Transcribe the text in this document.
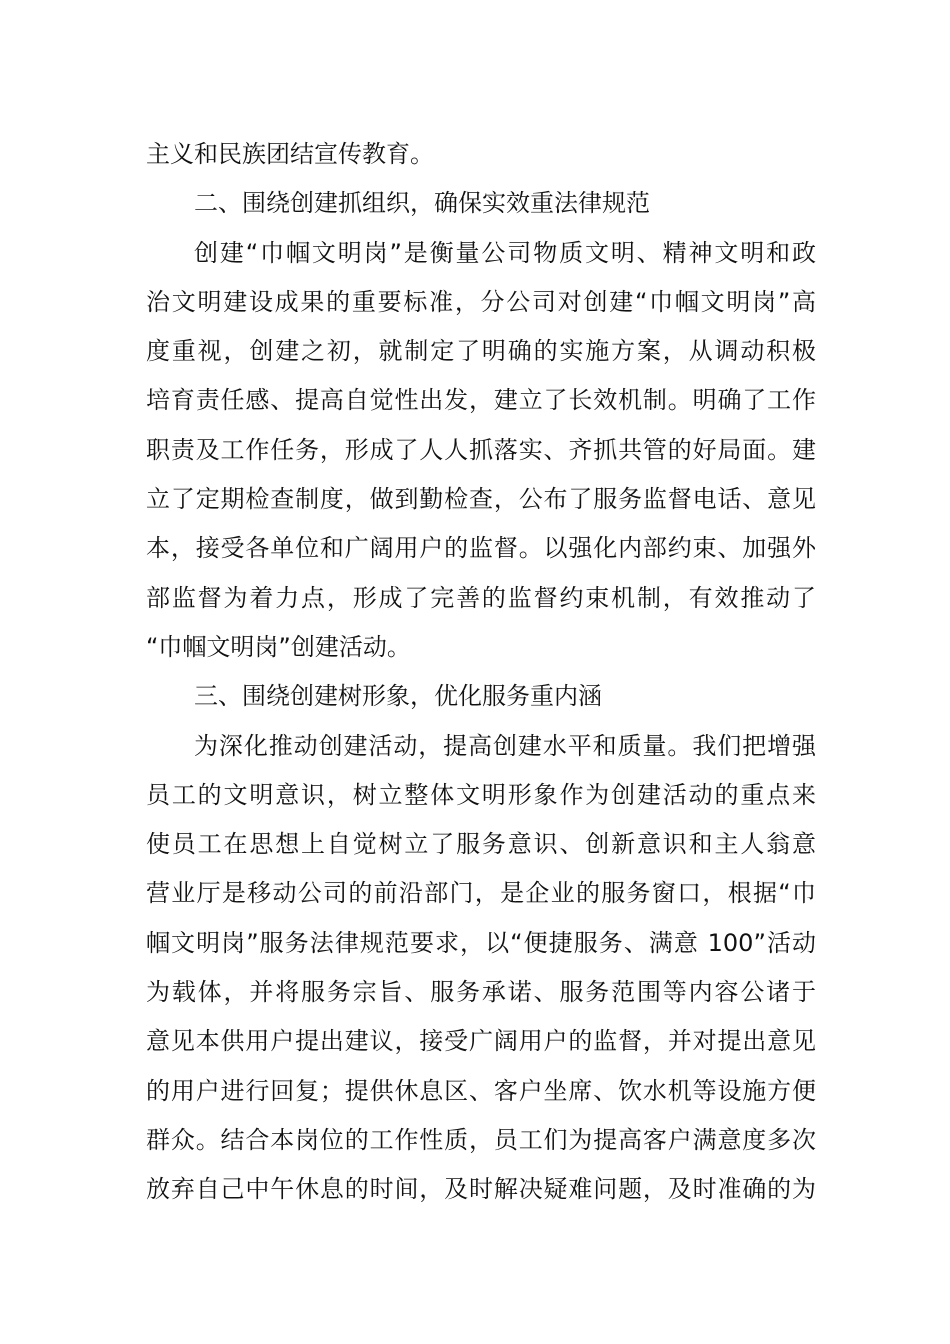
主义和民族团结宣传教育。
二、围绕创建抓组织，确保实效重法律规范
创建“巾帼文明岗”是衡量公司物质文明、精神文明和政
治文明建设成果的重要标准，分公司对创建“巾帼文明岗”高
度重视，创建之初，就制定了明确的实施方案，从调动积极
培育责任感、提高自觉性出发，建立了长效机制。明确了工作
职责及工作任务，形成了人人抓落实、齐抓共管的好局面。建
立了定期检查制度，做到勤检查，公布了服务监督电话、意见
本，接受各单位和广阔用户的监督。以强化内部约束、加强外
部监督为着力点，形成了完善的监督约束机制，有效推动了
“巾帼文明岗”创建活动。
三、围绕创建树形象，优化服务重内涵
为深化推动创建活动，提高创建水平和质量。我们把增强
员工的文明意识，树立整体文明形象作为创建活动的重点来
使员工在思想上自觉树立了服务意识、创新意识和主人翁意
营业厅是移动公司的前沿部门，是企业的服务窗口，根据“巾
帼文明岗”服务法律规范要求，以“便捷服务、满意 100”活动
为载体，并将服务宗旨、服务承诺、服务范围等内容公诸于
意见本供用户提出建议，接受广阔用户的监督，并对提出意见
的用户进行回复；提供休息区、客户坐席、饮水机等设施方便
群众。结合本岗位的工作性质，员工们为提高客户满意度多次
放弃自己中午休息的时间，及时解决疑难问题，及时准确的为
